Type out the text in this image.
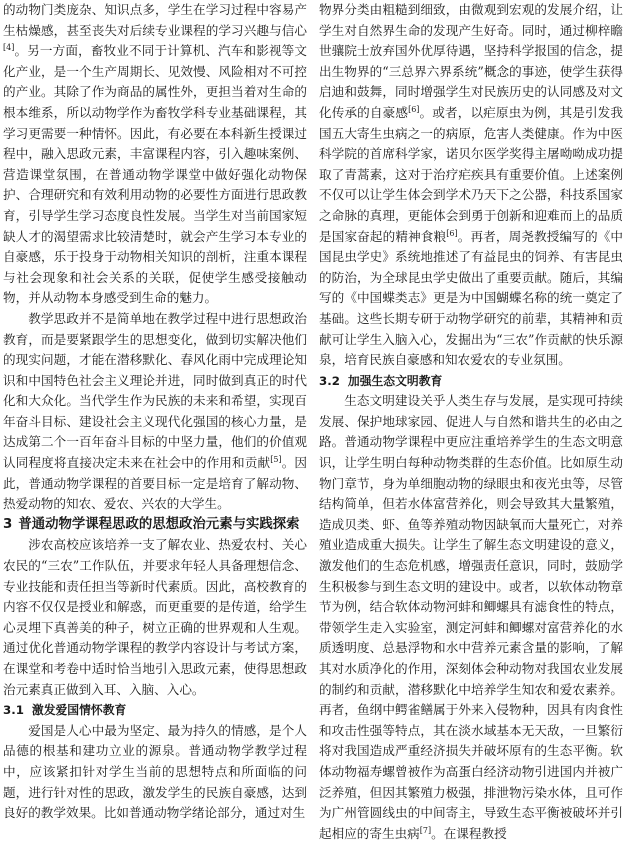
的动物门类庞杂、知识点多，学生在学习过程中容易产生枯燥感，甚至丧失对后续专业课程的学习兴趣与信心[4]。另一方面，畜牧业不同于计算机、汽车和影视等文化产业，是一个生产周期长、见效慢、风险相对不可控的产业。其除了作为商品的属性外，更担当着对生命的根本维系，所以动物学作为畜牧学科专业基础课程，其学习更需要一种情怀。因此，有必要在本科新生授课过程中，融入思政元素，丰富课程内容，引入趣味案例、营造课堂氛围，在普通动物学课堂中做好强化动物保护、合理研究和有效利用动物的必要性方面进行思政教育，引导学生学习态度良性发展。当学生对当前国家短缺人才的渴望需求比较清楚时，就会产生学习本专业的自豪感，乐于投身于动物相关知识的剖析，注重本课程与社会现象和社会关系的关联，促使学生感受接触动物，并从动物本身感受到生命的魅力。

教学思政并不是简单地在教学过程中进行思想政治教育，而是要紧跟学生的思想变化，做到切实解决他们的现实问题，才能在潜移默化、春风化雨中完成理论知识和中国特色社会主义理论并进，同时做到真正的时代化和大众化。当代学生作为民族的未来和希望，实现百年奋斗目标、建设社会主义现代化强国的核心力量，是达成第二个一百年奋斗目标的中坚力量，他们的价值观认同程度将直接决定未来在社会中的作用和贡献[5]。因此，普通动物学课程的首要目标一定是培育了解动物、热爱动物的知农、爱农、兴农的大学生。

3 普通动物学课程思政的思想政治元素与实践探索

涉农高校应该培养一支了解农业、热爱农村、关心农民的“三农”工作队伍，并要求年轻人具备理想信念、专业技能和责任担当等新时代素质。因此，高校教育的内容不仅仅是授业和解惑，而更重要的是传道，给学生心灵埋下真善美的种子，树立正确的世界观和人生观。通过优化普通动物学课程的教学内容设计与考试方案，在课堂和考卷中适时恰当地引入思政元素，使得思想政治元素真正做到入耳、入脑、入心。

3.1 激发爱国情怀教育

爱国是人心中最为坚定、最为持久的情感，是个人品德的根基和建功立业的源泉。普通动物学教学过程中，应该紧扣针对学生当前的思想特点和所面临的问题，进行针对性的思政，激发学生的民族自豪感，达到良好的教学效果。比如普通动物学绪论部分，通过对生

物界分类由粗糙到细致，由微观到宏观的发展介绍，让学生对自然界生命的发现产生好奇。同时，通过柳梓瞻世骧院士放弃国外优厚待遇，坚持科学报国的信念，提出生物界的“三总界六界系统”概念的事迹，使学生获得启迪和鼓舞，同时增强学生对民族历史的认同感及对文化传承的自豪感[6]。或者，以疟原虫为例，其是引发我国五大寄生虫病之一的病原，危害人类健康。作为中医科学院的首席科学家，诺贝尔医学奖得主屠呦呦成功提取了青蒿素，这对于治疗疟疾具有重要价值。上述案例不仅可以让学生体会到学术乃天下之公器，科技系国家之命脉的真理，更能体会到勇于创新和迎难而上的品质是国家奋起的精神食粮[6]。再者，周尧教授编写的《中国昆虫学史》系统地推述了有益昆虫的饲养、有害昆虫的防治，为全球昆虫学史做出了重要贡献。随后，其编写的《中国蝶类志》更是为中国蝴蝶名称的统一奠定了基础。这些长期专研于动物学研究的前辈，其精神和贡献可让学生入脑入心，发掘出为“三农”作贡献的快乐源泉，培育民族自豪感和知农爱农的专业氛围。

3.2 加强生态文明教育

生态文明建设关乎人类生存与发展，是实现可持续发展、保护地球家园、促进人与自然和谐共生的必由之路。普通动物学课程中更应注重培养学生的生态文明意识，让学生明白每种动物类群的生态价值。比如原生动物门章节，身为单细胞动物的绿眼虫和夜光虫等，尽管结构简单，但若水体富营养化，则会导致其大量繁殖，造成贝类、虾、鱼等养殖动物因缺氧而大量死亡，对养殖业造成重大损失。让学生了解生态文明建设的意义，激发他们的生态危机感，增强责任意识，同时，鼓励学生积极参与到生态文明的建设中。或者，以软体动物章节为例，结合软体动物河蚌和鲫螺具有滤食性的特点，带领学生走入实验室，测定河蚌和鲫螺对富营养化的水质透明度、总悬浮物和水中营养元素含量的影响，了解其对水质净化的作用，深刻体会种动物对我国农业发展的制约和贡献，潜移默化中培养学生知农和爱农素养。再者，鱼纲中鳄雀鳝属于外来入侵物种，因具有肉食性和攻击性强等特点，其在淡水域基本无天敌，一旦繁衍将对我国造成严重经济损失并破坏原有的生态平衡。软体动物福寿螺曾被作为高蛋白经济动物引进国内并被广泛养殖，但因其繁殖力极强，排泄物污染水体，且可作为广州管圆线虫的中间寄主，导致生态平衡被破坏并引起相应的寄生虫病[7]。在课程教授
